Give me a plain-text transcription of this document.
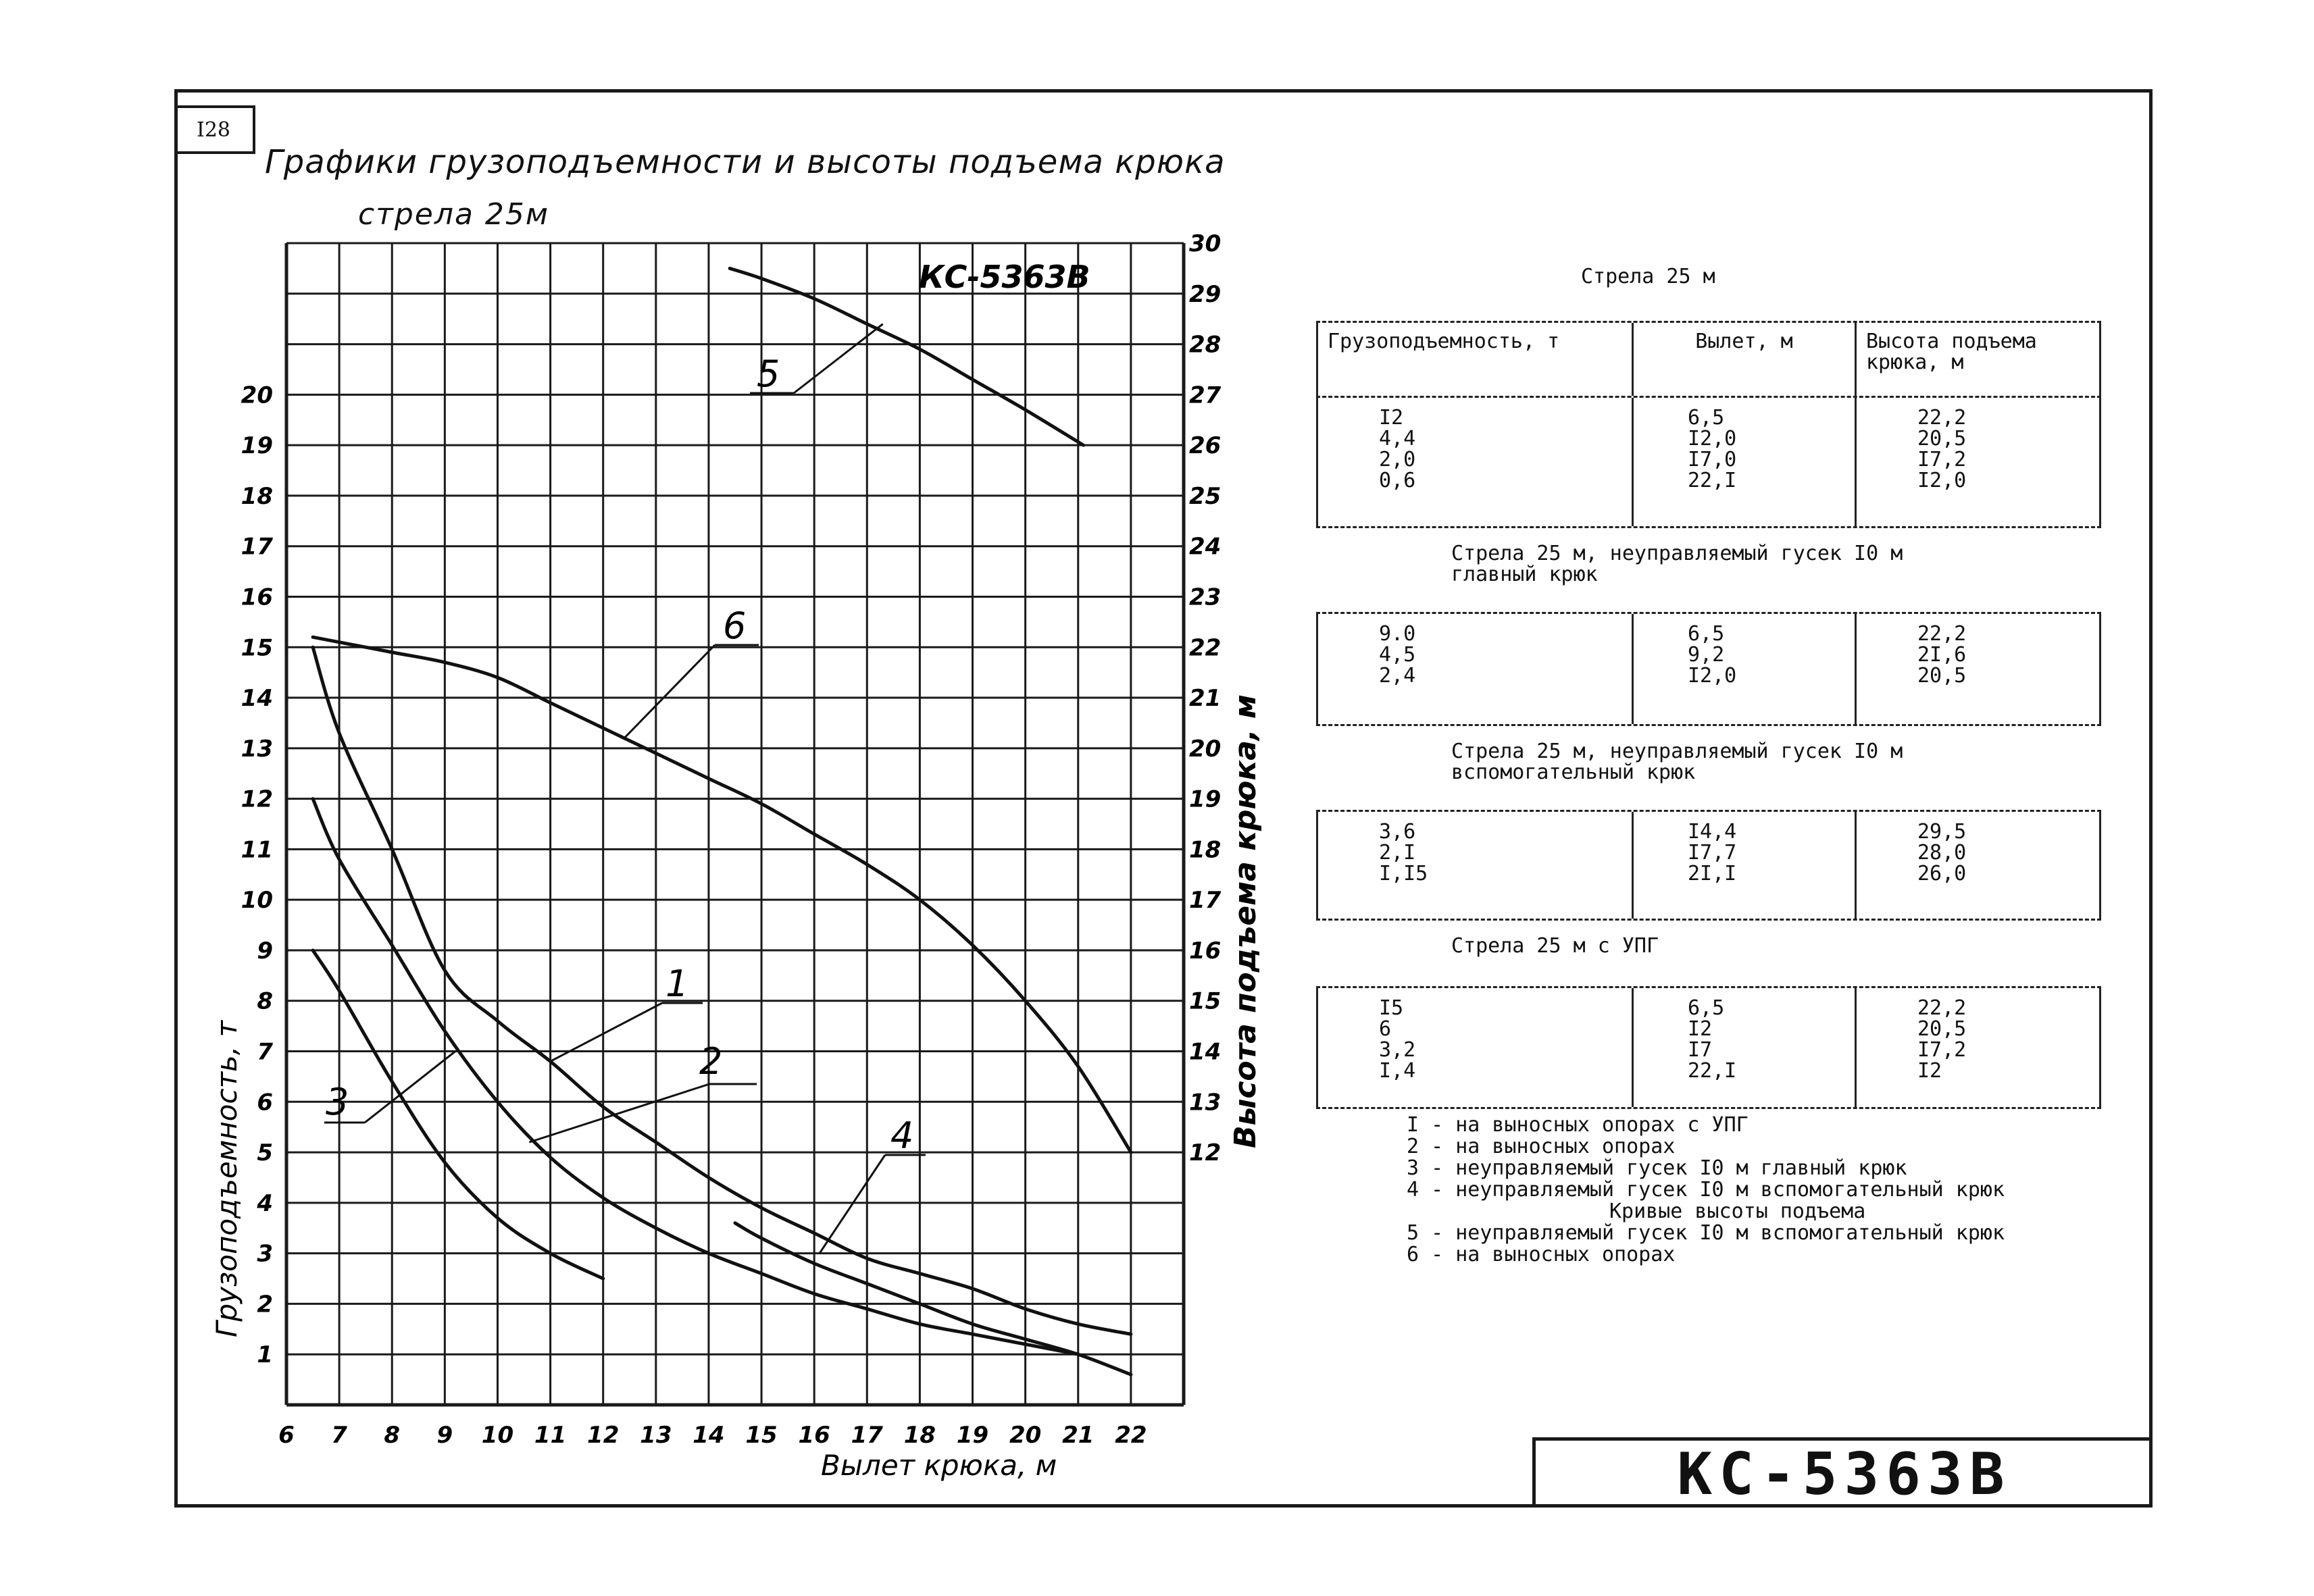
I28
Графики грузоподъемности и высоты подъема крюка
стрела 25м
1
2
3
4
5
6
6 7 8 9 10 11 12 13 14 15 16 17 18 19 20 21 22
1
2
3
4
5
6
7
8
9
10
11
12
13
14
15
16
17
18
19
20
12
13
14
15
16
17
18
19
20
21
22
23
24
25
26
27
28
29
30
КС-5363В
Вылет крюка, м
Грузоподъемность, т
Высота подъема крюка, м
Стрела 25 м
Грузоподъемность, т	Вылет, м	Высота подъема
крюка, м
I2
4,4
2,0
0,6
6,5
I2,0
I7,0
22,I
22,2
20,5
I7,2
I2,0
Стрела 25 м, неуправляемый гусек I0 м
главный крюк
9.0
4,5
2,4
6,5
9,2
I2,0
22,2
2I,6
20,5
Стрела 25 м, неуправляемый гусек I0 м
вспомогательный крюк
3,6
2,I
I,I5
I4,4
I7,7
2I,I
29,5
28,0
26,0
Стрела 25 м с УПГ
I5
6
3,2
I,4
6,5
I2
I7
22,I
22,2
20,5
I7,2
I2
I - на выносных опорах с УПГ
2 - на выносных опорах
3 - неуправляемый гусек I0 м главный крюк
4 - неуправляемый гусек I0 м вспомогательный крюк
Кривые высоты подъема
5 - неуправляемый гусек I0 м вспомогательный крюк
6 - на выносных опорах
КС-5363В
